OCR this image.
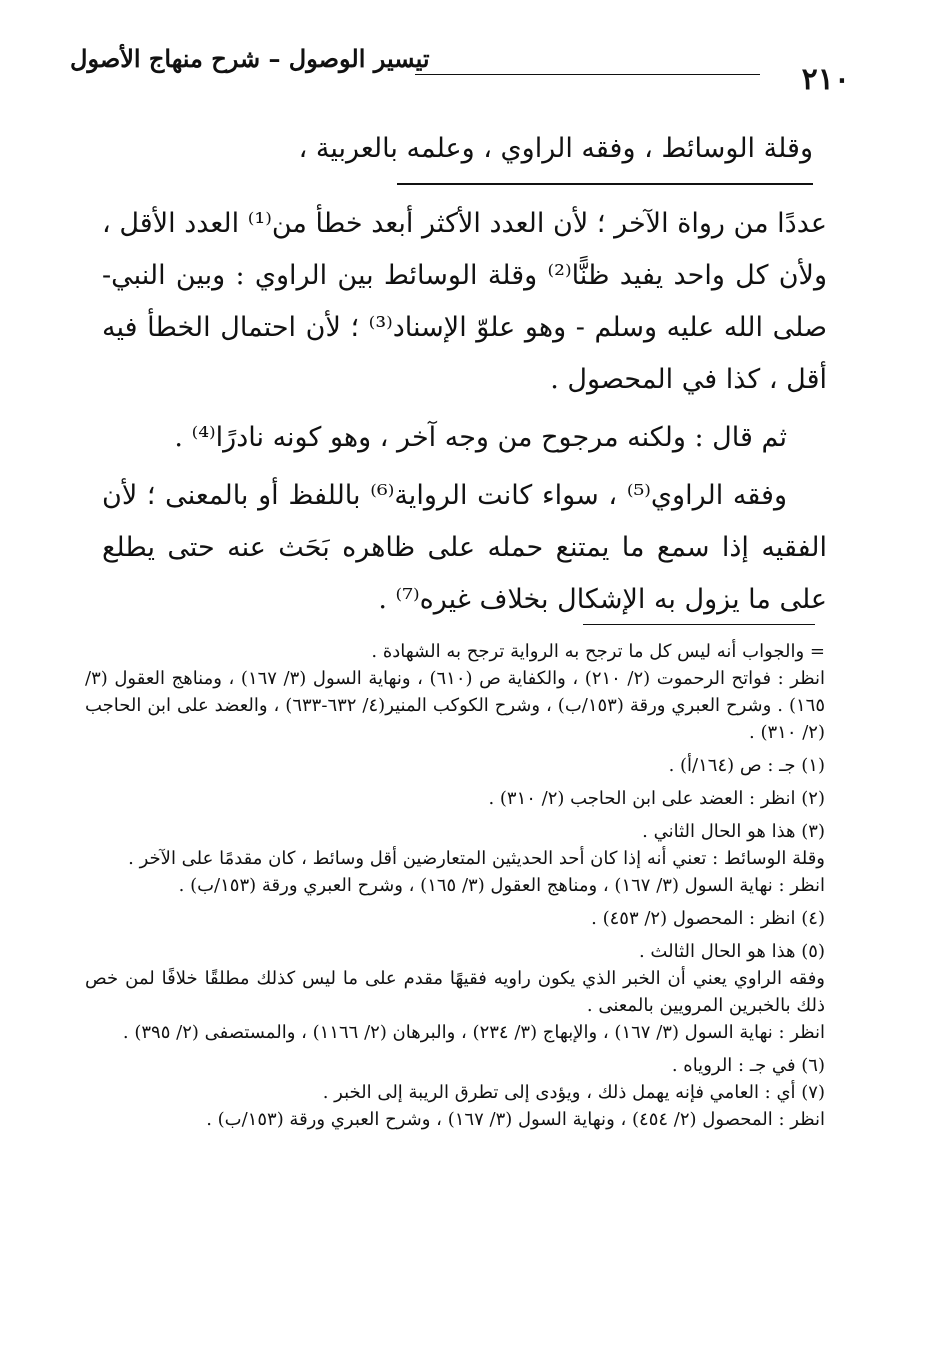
٢١٠
تيسير الوصول – شرح منهاج الأصول
وقلة الوسائط ، وفقه الراوي ، وعلمه بالعربية ،

عددًا من رواة الآخر ؛ لأن العدد الأكثر أبعد خطأ من⁽¹⁾ العدد الأقل ، ولأن كل واحد يفيد ظنًّا⁽²⁾ وقلة الوسائط بين الراوي : وبين النبي- صلى الله عليه وسلم - وهو علوّ الإسناد⁽³⁾ ؛ لأن احتمال الخطأ فيه أقل ، كذا في المحصول .

ثم قال : ولكنه مرجوح من وجه آخر ، وهو كونه نادرًا⁽⁴⁾ .

وفقه الراوي⁽⁵⁾ ، سواء كانت الرواية⁽⁶⁾ باللفظ أو بالمعنى ؛ لأن الفقيه إذا سمع ما يمتنع حمله على ظاهره بَحَث عنه حتى يطلع على ما يزول به الإشكال بخلاف غيره⁽⁷⁾ .

= والجواب أنه ليس كل ما ترجح به الرواية ترجح به الشهادة .

انظر : فواتح الرحموت (٢/ ٢١٠) ، والكفاية ص (٦١٠) ، ونهاية السول (٣/ ١٦٧) ، ومناهج العقول (٣/ ١٦٥) . وشرح العبري ورقة (١٥٣/ب) ، وشرح الكوكب المنير(٤/ ٦٣٢-٦٣٣) ، والعضد على ابن الحاجب (٢/ ٣١٠) .

(١) جـ : ص (١٦٤/أ) .

(٢) انظر : العضد على ابن الحاجب (٢/ ٣١٠) .

(٣) هذا هو الحال الثاني .

وقلة الوسائط : تعني أنه إذا كان أحد الحديثين المتعارضين أقل وسائط ، كان مقدمًا على الآخر .

انظر : نهاية السول (٣/ ١٦٧) ، ومناهج العقول (٣/ ١٦٥) ، وشرح العبري ورقة (١٥٣/ب) .

(٤) انظر : المحصول (٢/ ٤٥٣) .

(٥) هذا هو الحال الثالث .

وفقه الراوي يعني أن الخبر الذي يكون راويه فقيهًا مقدم على ما ليس كذلك مطلقًا خلافًا لمن خص ذلك بالخبرين المرويين بالمعنى .

انظر : نهاية السول (٣/ ١٦٧) ، والإبهاج (٣/ ٢٣٤) ، والبرهان (٢/ ١١٦٦) ، والمستصفى (٢/ ٣٩٥) .

(٦) في جـ : الروياه .

(٧) أي : العامي فإنه يهمل ذلك ، ويؤدى إلى تطرق الريبة إلى الخبر .

انظر : المحصول (٢/ ٤٥٤) ، ونهاية السول (٣/ ١٦٧) ، وشرح العبري ورقة (١٥٣/ب) .
